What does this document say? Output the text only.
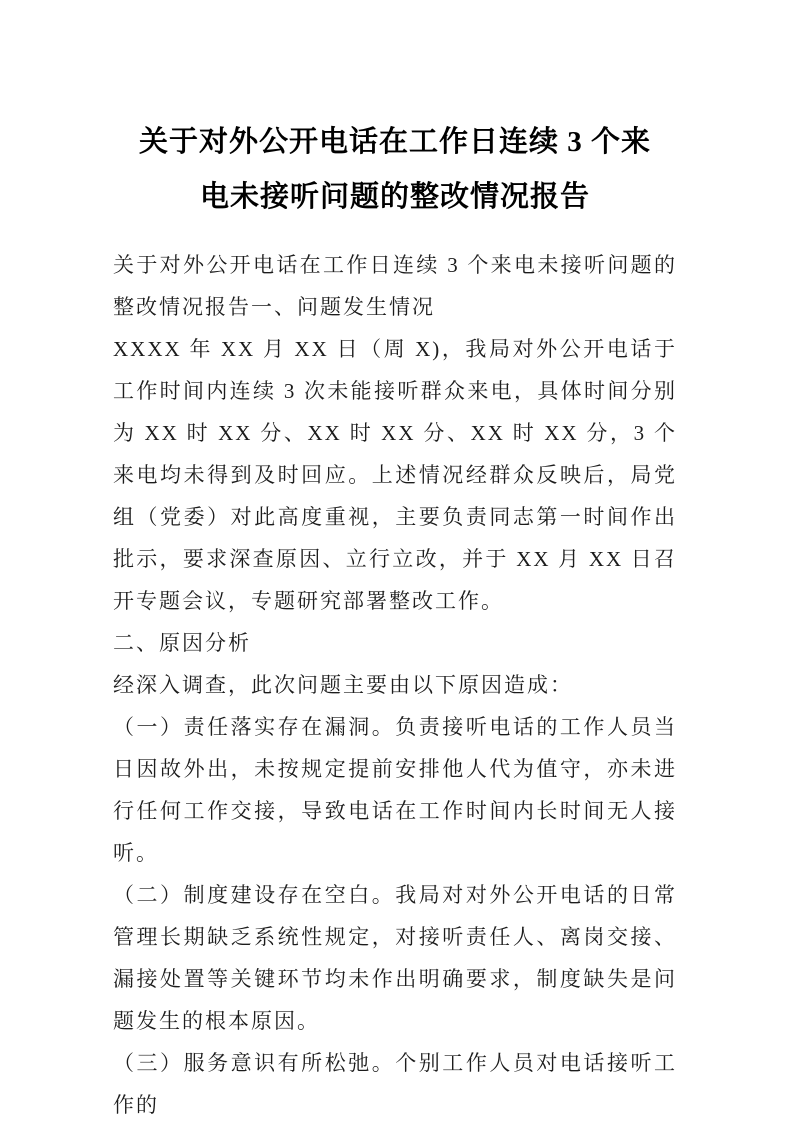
关于对外公开电话在工作日连续 3 个来电未接听问题的整改情况报告

关于对外公开电话在工作日连续 3 个来电未接听问题的整改情况报告一、问题发生情况

XXXX 年 XX 月 XX 日（周 X)，我局对外公开电话于工作时间内连续 3 次未能接听群众来电，具体时间分别为 XX 时 XX 分、XX 时 XX 分、XX 时 XX 分，3 个来电均未得到及时回应。上述情况经群众反映后，局党组（党委）对此高度重视，主要负责同志第一时间作出批示，要求深查原因、立行立改，并于 XX 月 XX 日召开专题会议，专题研究部署整改工作。

二、原因分析

经深入调查，此次问题主要由以下原因造成：

（一）责任落实存在漏洞。负责接听电话的工作人员当日因故外出，未按规定提前安排他人代为值守，亦未进行任何工作交接，导致电话在工作时间内长时间无人接听。

（二）制度建设存在空白。我局对对外公开电话的日常管理长期缺乏系统性规定，对接听责任人、离岗交接、漏接处置等关键环节均未作出明确要求，制度缺失是问题发生的根本原因。

（三）服务意识有所松弛。个别工作人员对电话接听工作的
